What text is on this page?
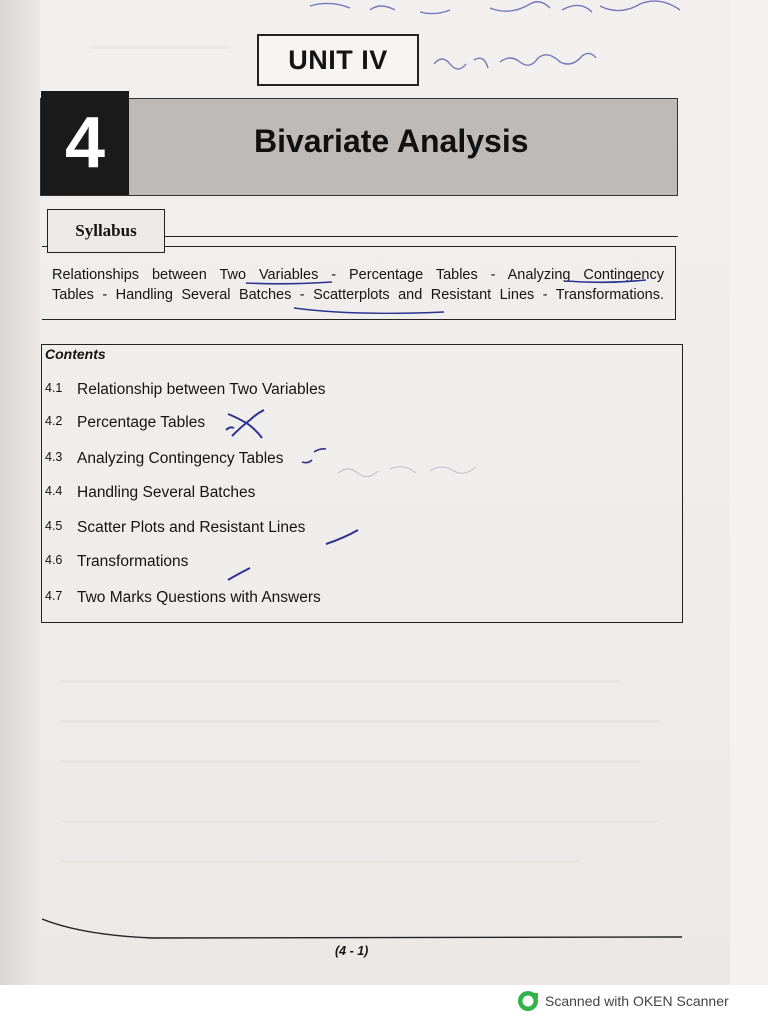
UNIT IV
4	Bivariate Analysis
Syllabus
Relationships between Two Variables - Percentage Tables - Analyzing Contingency
Tables - Handling Several Batches - Scatterplots and Resistant Lines - Transformations.
Contents
4.1 Relationship between Two Variables
4.2 Percentage Tables
4.3 Analyzing Contingency Tables
4.4 Handling Several Batches
4.5 Scatter Plots and Resistant Lines
4.6 Transformations
4.7 Two Marks Questions with Answers
(4 - 1)
Scanned with OKEN Scanner
